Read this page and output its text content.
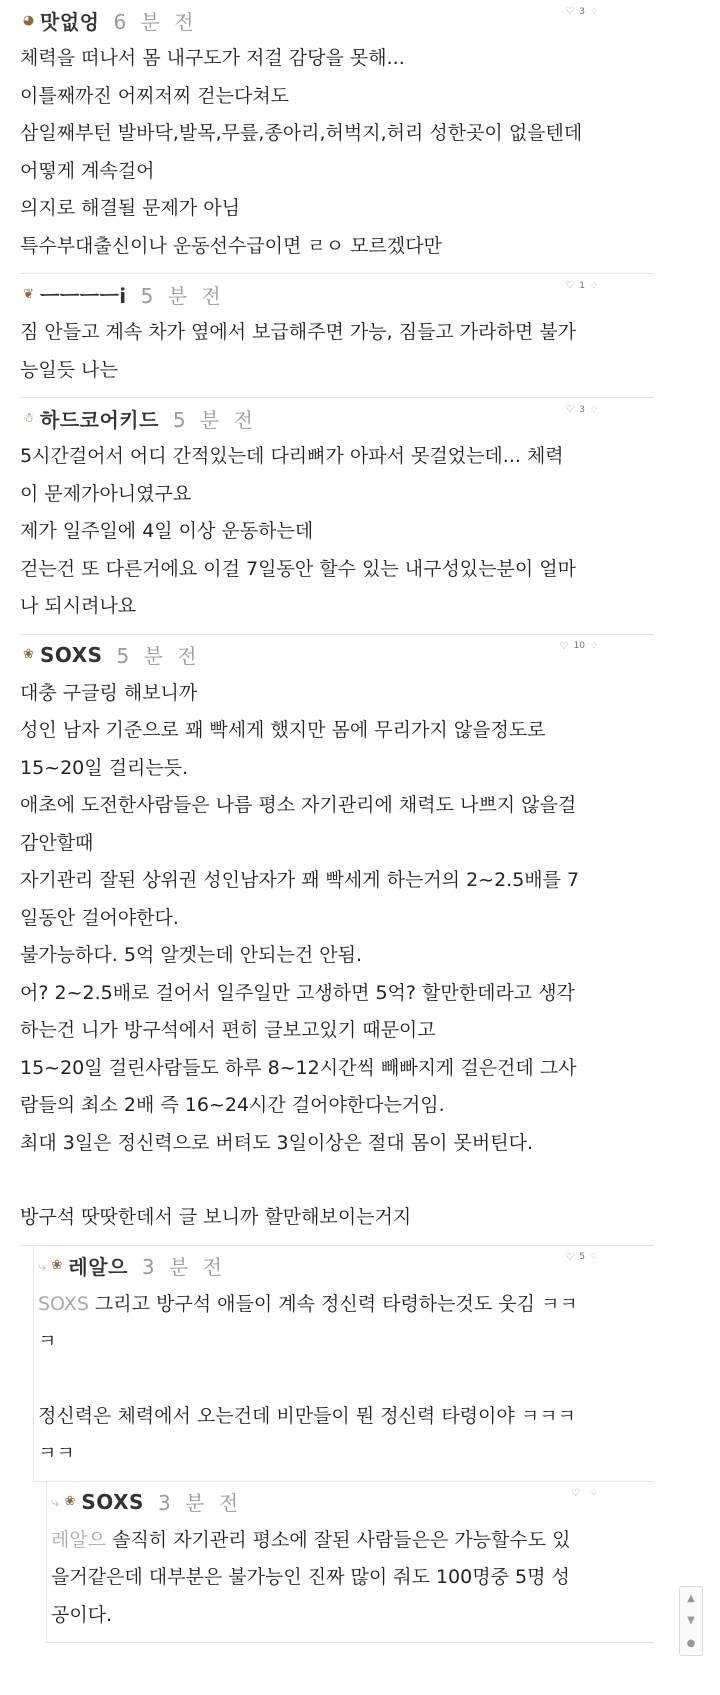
◕ 맛없엉 6 분 전	♡ 3 ♢
체력을 떠나서 몸 내구도가 저걸 감당을 못해...
이틀째까진 어찌저찌 걷는다쳐도
삼일째부턴 발바닥,발목,무릎,종아리,허벅지,허리 성한곳이 없을텐데
어떻게 계속걸어
의지로 해결될 문제가 아님
특수부대출신이나 운동선수급이면 ㄹㅇ 모르겠다만
❦ ㅡㅡㅡㅡi 5 분 전	♡ 1 ♢
짐 안들고 계속 차가 옆에서 보급해주면 가능, 짐들고 가라하면 불가
능일듯 나는
☃ 하드코어키드 5 분 전	♡ 3 ♢
5시간걸어서 어디 간적있는데 다리뼈가 아파서 못걸었는데... 체력
이 문제가아니였구요
제가 일주일에 4일 이상 운동하는데
걷는건 또 다른거에요 이걸 7일동안 할수 있는 내구성있는분이 얼마
나 되시려나요
❀ SOXS 5 분 전	♡ 10 ♢
대충 구글링 해보니까
성인 남자 기준으로 꽤 빡세게 했지만 몸에 무리가지 않을정도로
15~20일 걸리는듯.
애초에 도전한사람들은 나름 평소 자기관리에 채력도 나쁘지 않을걸
감안할때
자기관리 잘된 상위권 성인남자가 꽤 빡세게 하는거의 2~2.5배를 7
일동안 걸어야한다.
불가능하다. 5억 알겟는데 안되는건 안됨.
어? 2~2.5배로 걸어서 일주일만 고생하면 5억? 할만한데라고 생각
하는건 니가 방구석에서 편히 글보고있기 때문이고
15~20일 걸린사람들도 하루 8~12시간씩 빼빠지게 걸은건데 그사
람들의 최소 2배 즉 16~24시간 걸어야한다는거임.
최대 3일은 정신력으로 버텨도 3일이상은 절대 몸이 못버틴다.
방구석 땃땃한데서 글 보니까 할만해보이는거지
⤷ ❀ 레알으 3 분 전	♡ 5 ♢
SOXS 그리고 방구석 애들이 계속 정신력 타령하는것도 웃김 ㅋㅋ
ㅋ
정신력은 체력에서 오는건데 비만들이 뭔 정신력 타령이야 ㅋㅋㅋ
ㅋㅋ
⤷ ❀ SOXS 3 분 전	♡ ♢
레알으 솔직히 자기관리 평소에 잘된 사람들은은 가능할수도 있
을거같은데 대부분은 불가능인 진짜 많이 줘도 100명중 5명 성
공이다.
▲
▼
●
